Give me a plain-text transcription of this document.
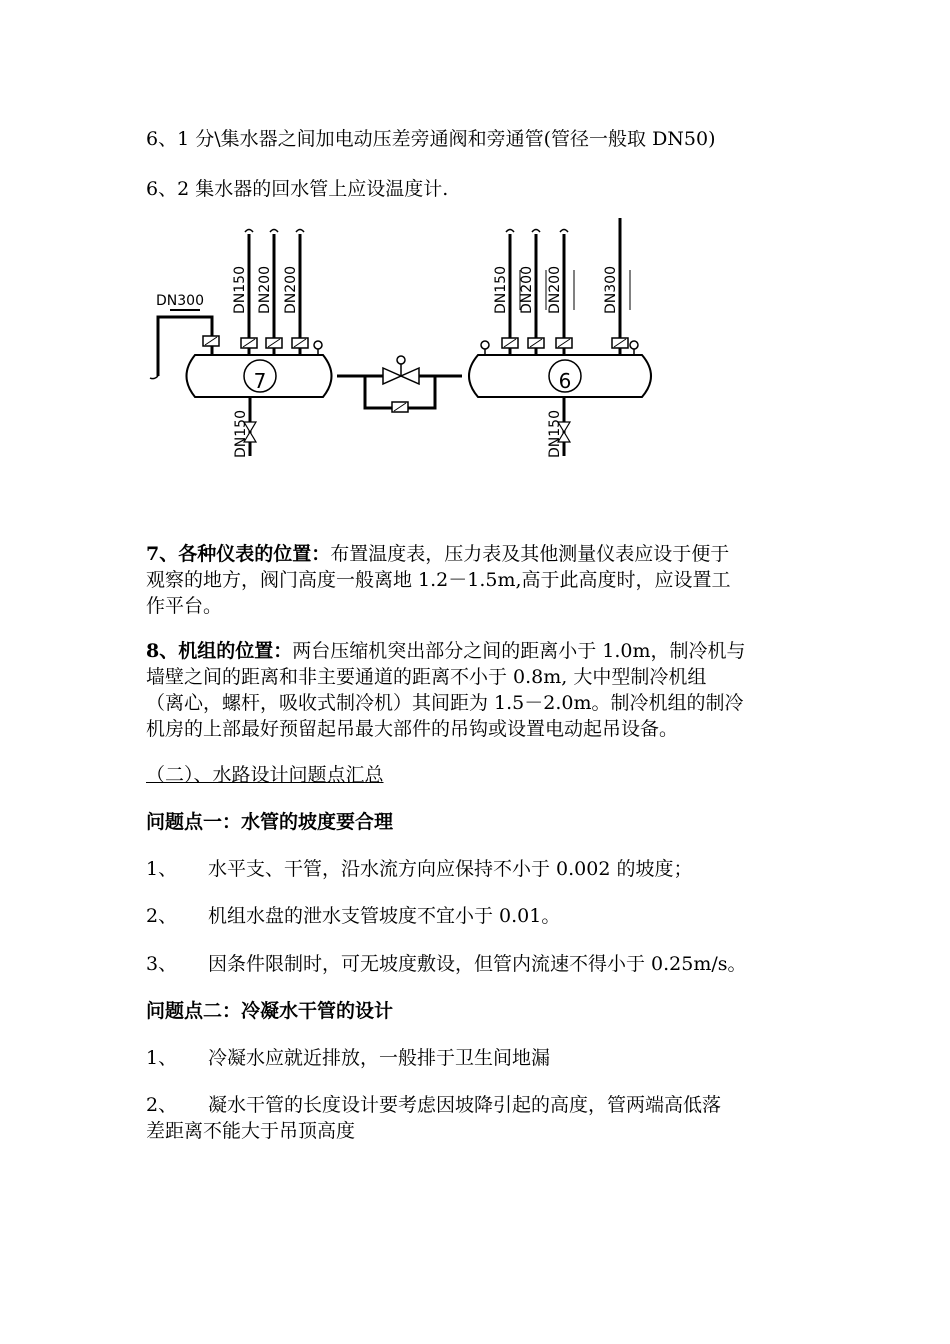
6、1 分\集水器之间加电动压差旁通阀和旁通管(管径一般取 DN50)
6、2 集水器的回水管上应设温度计.
7	6
DN300 DN150 DN200 DN200
DN150
DN150 DN200 DN200	DN300
DN150
7、各种仪表的位置：布置温度表，压力表及其他测量仪表应设于便于
观察的地方，阀门高度一般离地 1.2－1.5m,高于此高度时，应设置工
作平台。
8、机组的位置：两台压缩机突出部分之间的距离小于 1.0m，制冷机与
墙壁之间的距离和非主要通道的距离不小于 0.8m, 大中型制冷机组
（离心，螺杆，吸收式制冷机）其间距为 1.5－2.0m。制冷机组的制冷
机房的上部最好预留起吊最大部件的吊钩或设置电动起吊设备。
（二）、水路设计问题点汇总
问题点一：水管的坡度要合理
1、 水平支、干管，沿水流方向应保持不小于 0.002 的坡度；
2、 机组水盘的泄水支管坡度不宜小于 0.01。
3、 因条件限制时，可无坡度敷设，但管内流速不得小于 0.25m/s。
问题点二：冷凝水干管的设计
1、 冷凝水应就近排放，一般排于卫生间地漏
2、 凝水干管的长度设计要考虑因坡降引起的高度，管两端高低落
差距离不能大于吊顶高度
